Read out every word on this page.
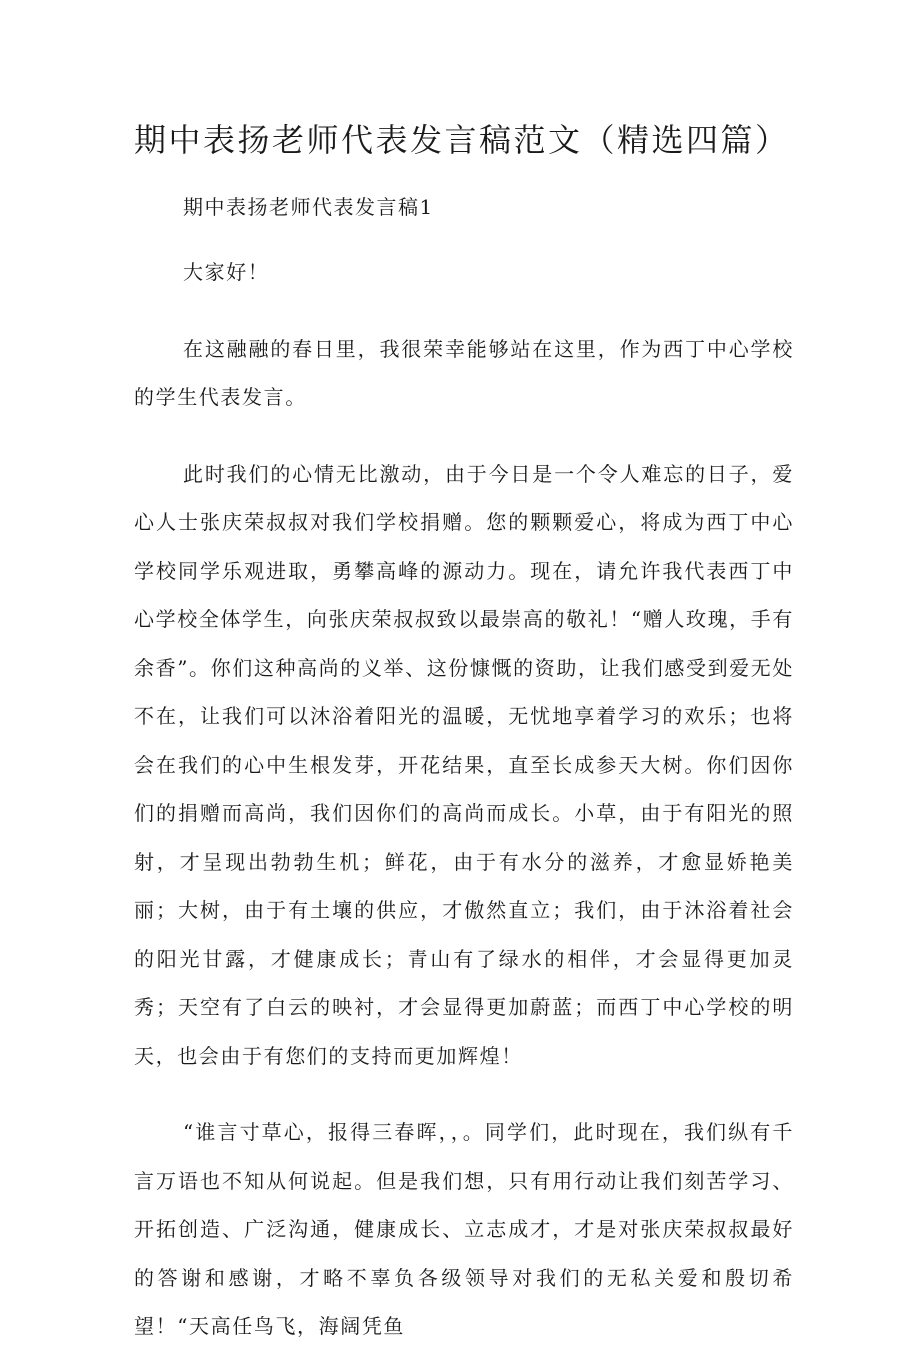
期中表扬老师代表发言稿范文（精选四篇）

期中表扬老师代表发言稿1

大家好！

在这融融的春日里，我很荣幸能够站在这里，作为西丁中心学校的学生代表发言。

此时我们的心情无比激动，由于今日是一个令人难忘的日子，爱心人士张庆荣叔叔对我们学校捐赠。您的颗颗爱心，将成为西丁中心学校同学乐观进取，勇攀高峰的源动力。现在，请允许我代表西丁中心学校全体学生，向张庆荣叔叔致以最崇高的敬礼！“赠人玫瑰，手有余香”。你们这种高尚的义举、这份慷慨的资助，让我们感受到爱无处不在，让我们可以沐浴着阳光的温暖，无忧地享着学习的欢乐；也将会在我们的心中生根发芽，开花结果，直至长成参天大树。你们因你们的捐赠而高尚，我们因你们的高尚而成长。小草，由于有阳光的照射，才呈现出勃勃生机；鲜花，由于有水分的滋养，才愈显娇艳美丽；大树，由于有土壤的供应，才傲然直立；我们，由于沐浴着社会的阳光甘露，才健康成长；青山有了绿水的相伴，才会显得更加灵秀；天空有了白云的映衬，才会显得更加蔚蓝；而西丁中心学校的明天，也会由于有您们的支持而更加辉煌！

“谁言寸草心，报得三春晖，，。同学们，此时现在，我们纵有千言万语也不知从何说起。但是我们想，只有用行动让我们刻苦学习、开拓创造、广泛沟通，健康成长、立志成才，才是对张庆荣叔叔最好的答谢和感谢，才略不辜负各级领导对我们的无私关爱和殷切希望！“天高任鸟飞，海阔凭鱼
